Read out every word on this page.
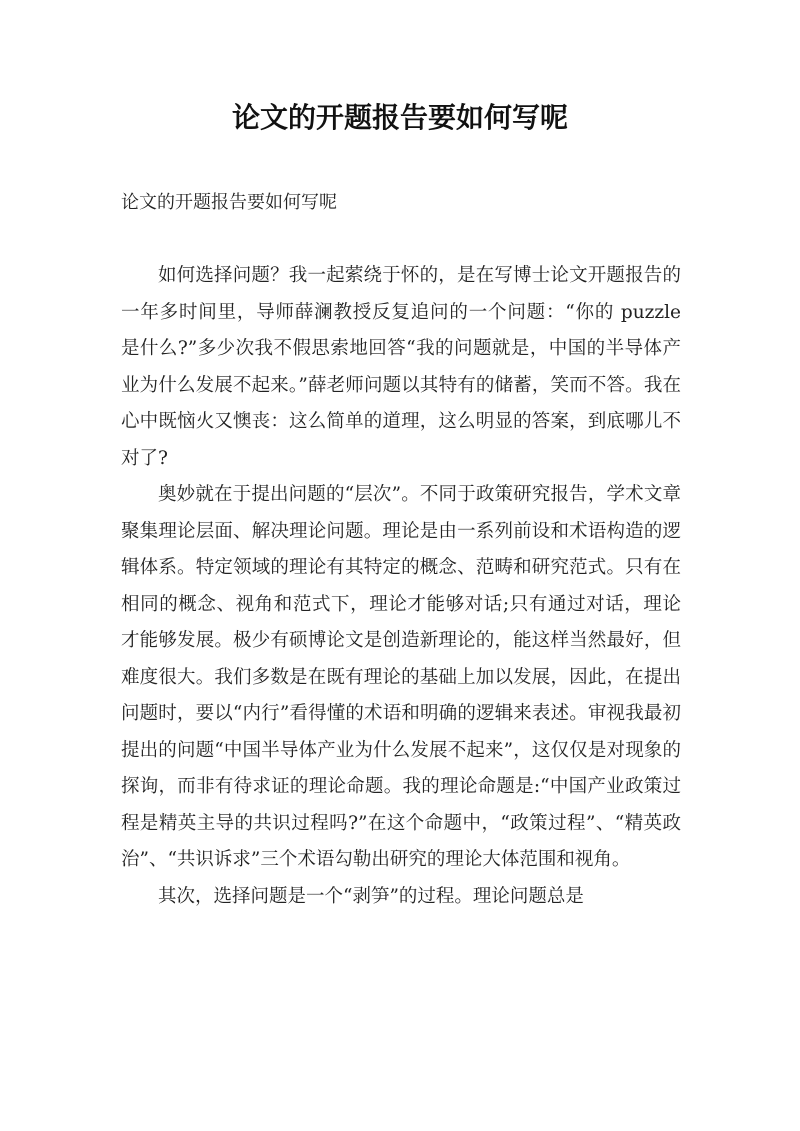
论文的开题报告要如何写呢

论文的开题报告要如何写呢

如何选择问题？我一起萦绕于怀的，是在写博士论文开题报告的一年多时间里，导师薛澜教授反复追问的一个问题：“你的 puzzle 是什么?”多少次我不假思索地回答“我的问题就是，中国的半导体产业为什么发展不起来。”薛老师问题以其特有的储蓄，笑而不答。我在心中既恼火又懊丧：这么简单的道理，这么明显的答案，到底哪儿不对了?

奥妙就在于提出问题的“层次”。不同于政策研究报告，学术文章聚集理论层面、解决理论问题。理论是由一系列前设和术语构造的逻辑体系。特定领域的理论有其特定的概念、范畴和研究范式。只有在相同的概念、视角和范式下，理论才能够对话;只有通过对话，理论才能够发展。极少有硕博论文是创造新理论的，能这样当然最好，但难度很大。我们多数是在既有理论的基础上加以发展，因此，在提出问题时，要以“内行”看得懂的术语和明确的逻辑来表述。审视我最初提出的问题“中国半导体产业为什么发展不起来”，这仅仅是对现象的探询，而非有待求证的理论命题。我的理论命题是:“中国产业政策过程是精英主导的共识过程吗?”在这个命题中，“政策过程”、“精英政治”、“共识诉求”三个术语勾勒出研究的理论大体范围和视角。

其次，选择问题是一个“剥笋”的过程。理论问题总是
